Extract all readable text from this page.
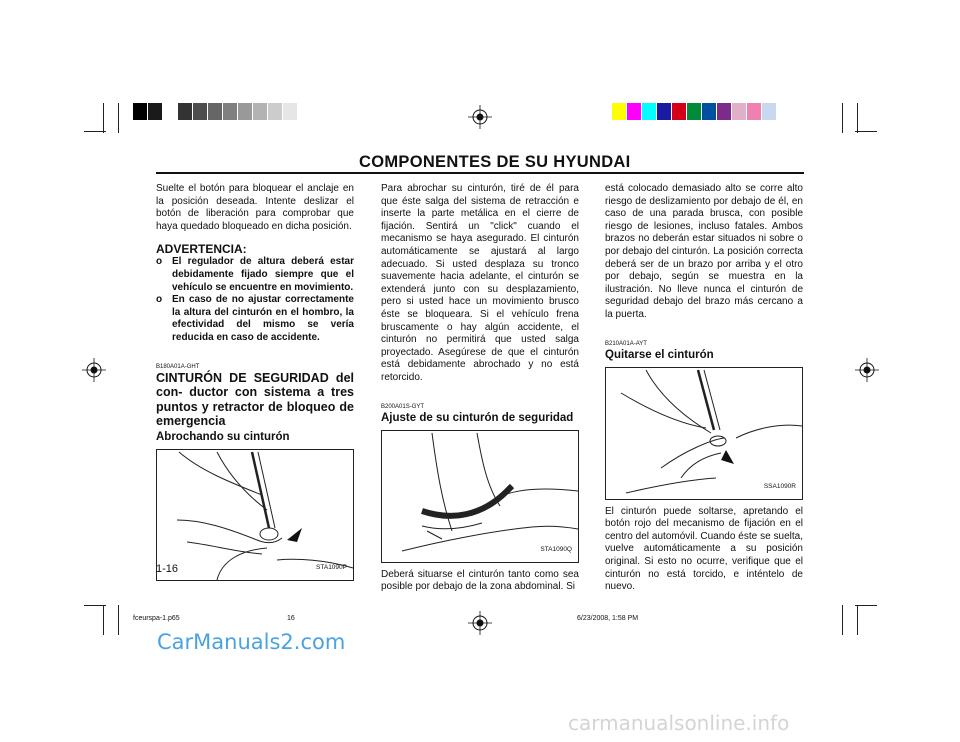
COMPONENTES DE SU HYUNDAI

Suelte el botón para bloquear el anclaje en la posición deseada. Intente deslizar el botón de liberación para comprobar que haya quedado bloqueado en dicha posición.

ADVERTENCIA:

o El regulador de altura deberá estar debidamente fijado siempre que el vehículo se encuentre en movimiento.
o En caso de no ajustar correctamente la altura del cinturón en el hombro, la efectividad del mismo se vería reducida en caso de accidente.

B180A01A-GHT

CINTURÓN DE SEGURIDAD del con- ductor con sistema a tres puntos y retractor de bloqueo de emergencia

Abrochando su cinturón

STA1090P

Para abrochar su cinturón, tiré de él para que éste salga del sistema de retracción e inserte la parte metálica en el cierre de fijación. Sentirá un "click" cuando el mecanismo se haya asegurado. El cinturón automáticamente se ajustará al largo adecuado. Si usted desplaza su tronco suavemente hacia adelante, el cinturón se extenderá junto con su desplazamiento, pero si usted hace un movimiento brusco éste se bloqueara. Si el vehículo frena bruscamente o hay algún accidente, el cinturón no permitirá que usted salga proyectado. Asegúrese de que el cinturón está debidamente abrochado y no está retorcido.

B200A01S-GYT

Ajuste de su cinturón de seguridad

STA1090Q

Deberá situarse el cinturón tanto como sea posible por debajo de la zona abdominal. Si

está colocado demasiado alto se corre alto riesgo de deslizamiento por debajo de él, en caso de una parada brusca, con posible riesgo de lesiones, incluso fatales. Ambos brazos no deberán estar situados ni sobre o por debajo del cinturón. La posición correcta deberá ser de un brazo por arriba y el otro por debajo, según se muestra en la ilustración. No lleve nunca el cinturón de seguridad debajo del brazo más cercano a la puerta.

B210A01A-AYT

Quitarse el cinturón

SSA1090R

El cinturón puede soltarse, apretando el botón rojo del mecanismo de fijación en el centro del automóvil. Cuando éste se suelta, vuelve automáticamente a su posición original. Si esto no ocurre, verifique que el cinturón no está torcido, e inténtelo de nuevo.

1-16
fceurspa-1.p65	16	6/23/2008, 1:58 PM
CarManuals2.com
carmanualsonline.info
